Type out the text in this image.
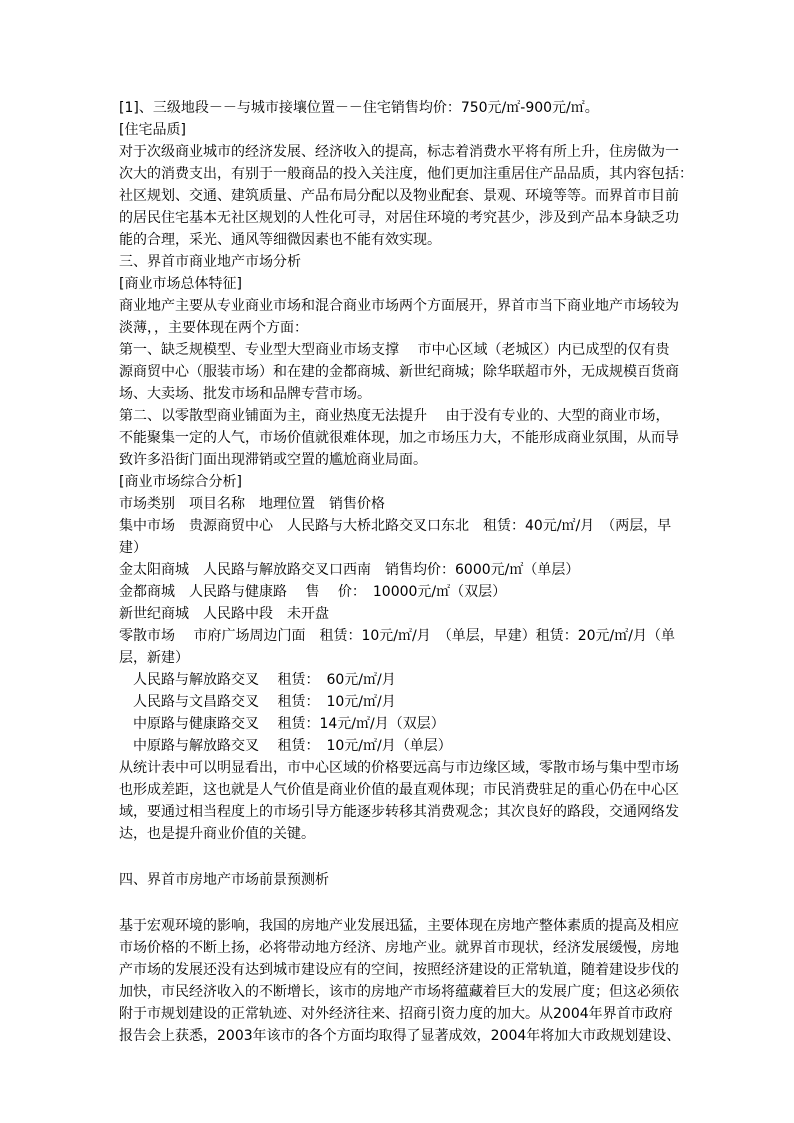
[1]、三级地段－－与城市接壤位置－－住宅销售均价：750元/㎡-900元/㎡。
[住宅品质]
对于次级商业城市的经济发展、经济收入的提高，标志着消费水平将有所上升，住房做为一
次大的消费支出，有别于一般商品的投入关注度，他们更加注重居住产品品质，其内容包括：
社区规划、交通、建筑质量、产品布局分配以及物业配套、景观、环境等等。而界首市目前
的居民住宅基本无社区规划的人性化可寻，对居住环境的考究甚少，涉及到产品本身缺乏功
能的合理，采光、通风等细微因素也不能有效实现。
三、界首市商业地产市场分析
[商业市场总体特征]
商业地产主要从专业商业市场和混合商业市场两个方面展开，界首市当下商业地产市场较为
淡薄，，主要体现在两个方面：
第一、缺乏规模型、专业型大型商业市场支撑　 市中心区域（老城区）内已成型的仅有贵
源商贸中心（服装市场）和在建的金都商城、新世纪商城；除华联超市外，无成规模百货商
场、大卖场、批发市场和品牌专营市场。
第二、以零散型商业铺面为主，商业热度无法提升　 由于没有专业的、大型的商业市场，
不能聚集一定的人气，市场价值就很难体现，加之市场压力大，不能形成商业氛围，从而导
致许多沿街门面出现滞销或空置的尴尬商业局面。
[商业市场综合分析]
市场类别　项目名称　地理位置　销售价格
集中市场　贵源商贸中心　人民路与大桥北路交叉口东北　租赁：40元/㎡/月　（两层，早
建）
金太阳商城　人民路与解放路交叉口西南　销售均价：6000元/㎡（单层）
金都商城　人民路与健康路　 售　 价：　10000元/㎡（双层）
新世纪商城　人民路中段　未开盘
零散市场　 市府广场周边门面　租赁：10元/㎡/月　（单层，早建）租赁：20元/㎡/月（单
层，新建）
　人民路与解放路交叉　 租赁：　60元/㎡/月
　人民路与文昌路交叉　 租赁：　10元/㎡/月
　中原路与健康路交叉　 租赁：14元/㎡/月（双层）
　中原路与解放路交叉　 租赁：　10元/㎡/月（单层）
从统计表中可以明显看出，市中心区域的价格要远高与市边缘区域，零散市场与集中型市场
也形成差距，这也就是人气价值是商业价值的最直观体现；市民消费驻足的重心仍在中心区
域，要通过相当程度上的市场引导方能逐步转移其消费观念；其次良好的路段，交通网络发
达，也是提升商业价值的关键。
四、界首市房地产市场前景预测析
基于宏观环境的影响，我国的房地产业发展迅猛，主要体现在房地产整体素质的提高及相应
市场价格的不断上扬，必将带动地方经济、房地产业。就界首市现状，经济发展缓慢，房地
产市场的发展还没有达到城市建设应有的空间，按照经济建设的正常轨道，随着建设步伐的
加快，市民经济收入的不断增长，该市的房地产市场将蕴藏着巨大的发展广度；但这必须依
附于市规划建设的正常轨迹、对外经济往来、招商引资力度的加大。从2004年界首市政府
报告会上获悉，2003年该市的各个方面均取得了显著成效，2004年将加大市政规划建设、
